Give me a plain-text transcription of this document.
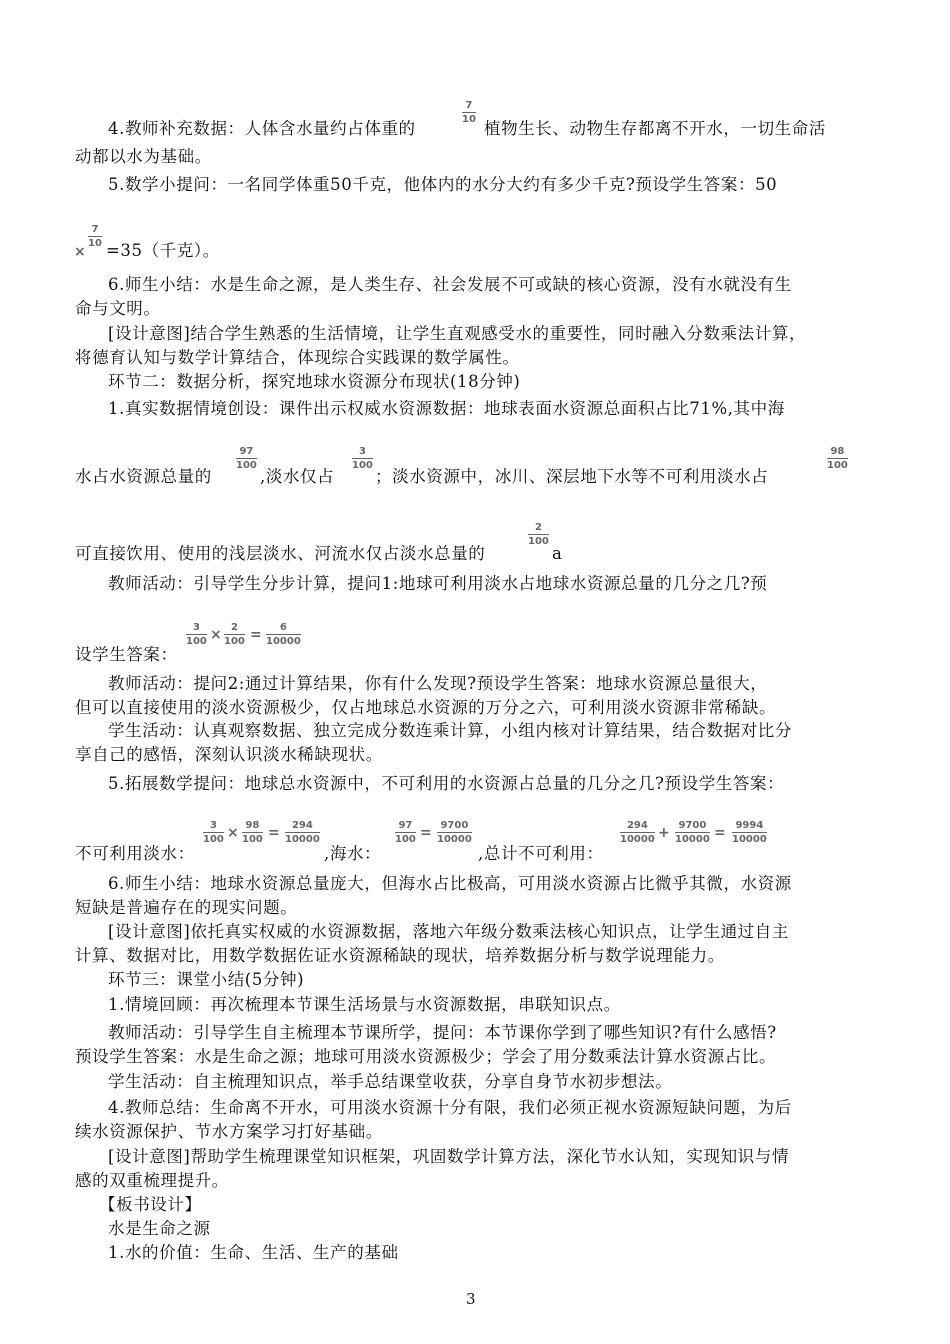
4.教师补充数据：人体含水量约占体重的
7
10 植物生长、动物生存都离不开水，一切生命活
动都以水为基础。
5.数学小提问：一名同学体重50千克，他体内的水分大约有多少千克?预设学生答案：50
×
7
10 =35（千克）。
6.师生小结：水是生命之源，是人类生存、社会发展不可或缺的核心资源，没有水就没有生
命与文明。
[设计意图]结合学生熟悉的生活情境，让学生直观感受水的重要性，同时融入分数乘法计算，
将德育认知与数学计算结合，体现综合实践课的数学属性。
环节二：数据分析，探究地球水资源分布现状(18分钟)
1.真实数据情境创设：课件出示权威水资源数据：地球表面水资源总面积占比71%,其中海
水占水资源总量的
97
100
,淡水仅占
3
100
；淡水资源中，冰川、深层地下水等不可利用淡水占
98
100
可直接饮用、使用的浅层淡水、河流水仅占淡水总量的
2
100
a
教师活动：引导学生分步计算，提问1:地球可利用淡水占地球水资源总量的几分之几?预
设学生答案：
3
100 × 2
100 = 6
10000
教师活动：提问2:通过计算结果，你有什么发现?预设学生答案：地球水资源总量很大，
但可以直接使用的淡水资源极少，仅占地球总水资源的万分之六，可利用淡水资源非常稀缺。
学生活动：认真观察数据、独立完成分数连乘计算，小组内核对计算结果，结合数据对比分
享自己的感悟，深刻认识淡水稀缺现状。
5.拓展数学提问：地球总水资源中，不可利用的水资源占总量的几分之几?预设学生答案：
不可利用淡水：
3
100 × 98
100 = 294
10000
,海水：
97
100 = 9700
10000
,总计不可利用：
294
10000 + 9700
10000 = 9994
10000
6.师生小结：地球水资源总量庞大，但海水占比极高，可用淡水资源占比微乎其微，水资源
短缺是普遍存在的现实问题。
[设计意图]依托真实权威的水资源数据，落地六年级分数乘法核心知识点，让学生通过自主
计算、数据对比，用数学数据佐证水资源稀缺的现状，培养数据分析与数学说理能力。
环节三：课堂小结(5分钟)
1.情境回顾：再次梳理本节课生活场景与水资源数据，串联知识点。
教师活动：引导学生自主梳理本节课所学，提问：本节课你学到了哪些知识?有什么感悟?
预设学生答案：水是生命之源；地球可用淡水资源极少；学会了用分数乘法计算水资源占比。
学生活动：自主梳理知识点，举手总结课堂收获，分享自身节水初步想法。
4.教师总结：生命离不开水，可用淡水资源十分有限，我们必须正视水资源短缺问题，为后
续水资源保护、节水方案学习打好基础。
[设计意图]帮助学生梳理课堂知识框架，巩固数学计算方法，深化节水认知，实现知识与情
感的双重梳理提升。
【板书设计】
水是生命之源
1.水的价值：生命、生活、生产的基础
3
